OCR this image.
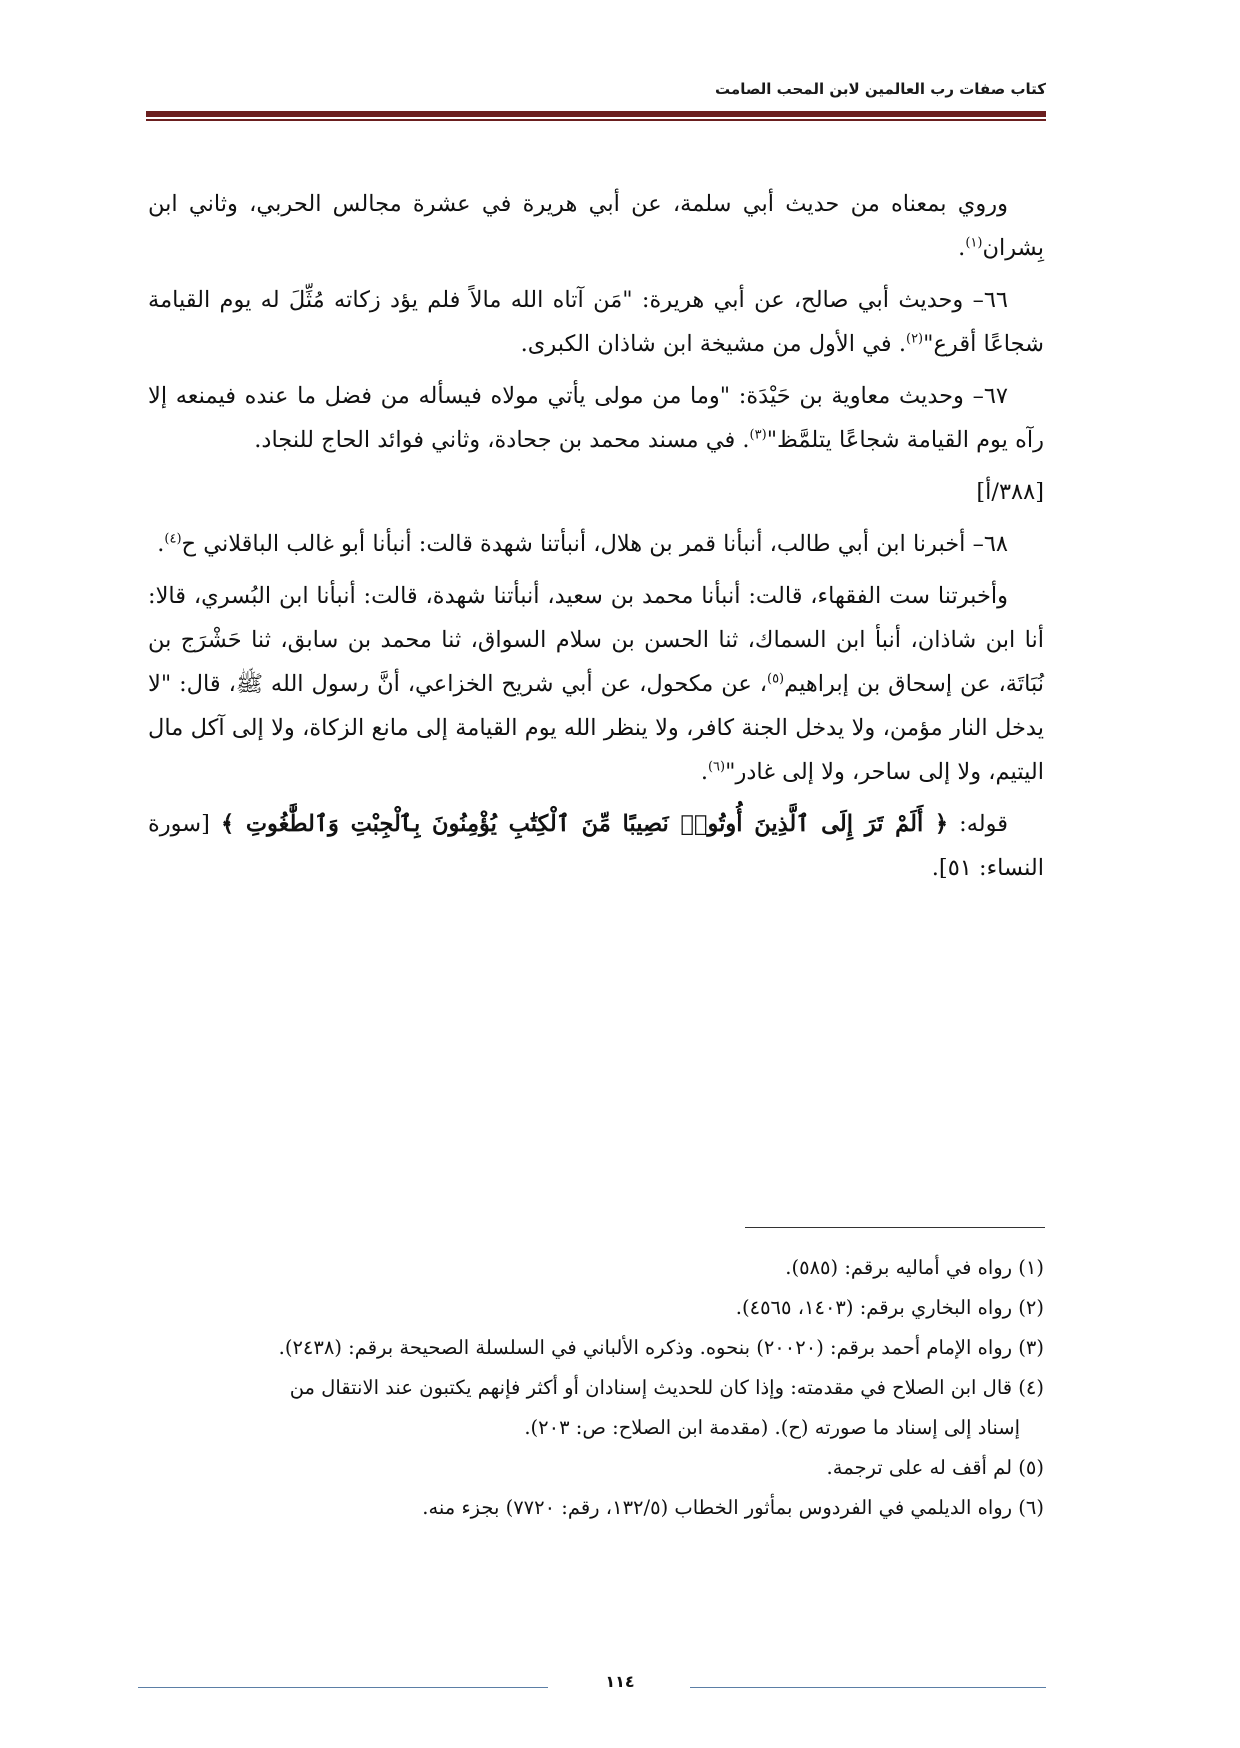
كتاب صفات رب العالمين لابن المحب الصامت

وروي بمعناه من حديث أبي سلمة، عن أبي هريرة في عشرة مجالس الحربي، وثاني ابن بِشران$^{(١)}$.

٦٦– وحديث أبي صالح، عن أبي هريرة: "مَن آتاه الله مالاً فلم يؤد زكاته مُثِّلَ له يوم القيامة شجاعًا أقرع"$^{(٢)}$. في الأول من مشيخة ابن شاذان الكبرى.

٦٧– وحديث معاوية بن حَيْدَة: "وما من مولى يأتي مولاه فيسأله من فضل ما عنده فيمنعه إلا رآه يوم القيامة شجاعًا يتلمَّظ"$^{(٣)}$. في مسند محمد بن جحادة، وثاني فوائد الحاج للنجاد.

[٣٨٨/أ]

٦٨– أخبرنا ابن أبي طالب، أنبأنا قمر بن هلال، أنبأتنا شهدة قالت: أنبأنا أبو غالب الباقلاني ح$^{(٤)}$.

وأخبرتنا ست الفقهاء، قالت: أنبأنا محمد بن سعيد، أنبأتنا شهدة، قالت: أنبأنا ابن البُسري، قالا: أنا ابن شاذان، أنبأ ابن السماك، ثنا الحسن بن سلام السواق، ثنا محمد بن سابق، ثنا حَشْرَج بن نُبَاتَة، عن إسحاق بن إبراهيم$^{(٥)}$، عن مكحول، عن أبي شريح الخزاعي، أنَّ رسول الله ﷺ، قال: "لا يدخل النار مؤمن، ولا يدخل الجنة كافر، ولا ينظر الله يوم القيامة إلى مانع الزكاة، ولا إلى آكل مال اليتيم، ولا إلى ساحر، ولا إلى غادر"$^{(٦)}$.

قوله: ﴿ أَلَمْ تَرَ إِلَى ٱلَّذِينَ أُوتُوا۟ نَصِيبًا مِّنَ ٱلْكِتَٰبِ يُؤْمِنُونَ بِٱلْجِبْتِ وَٱلطَّٰغُوتِ ﴾ [سورة النساء: ٥١].

(١) رواه في أماليه برقم: (٥٨٥).

(٢) رواه البخاري برقم: (١٤٠٣، ٤٥٦٥).

(٣) رواه الإمام أحمد برقم: (٢٠٠٢٠) بنحوه. وذكره الألباني في السلسلة الصحيحة برقم: (٢٤٣٨).

(٤) قال ابن الصلاح في مقدمته: وإذا كان للحديث إسنادان أو أكثر فإنهم يكتبون عند الانتقال من

إسناد إلى إسناد ما صورته (ح). (مقدمة ابن الصلاح: ص: ٢٠٣).

(٥) لم أقف له على ترجمة.

(٦) رواه الديلمي في الفردوس بمأثور الخطاب (١٣٢/٥، رقم: ٧٧٢٠) بجزء منه.

١١٤
